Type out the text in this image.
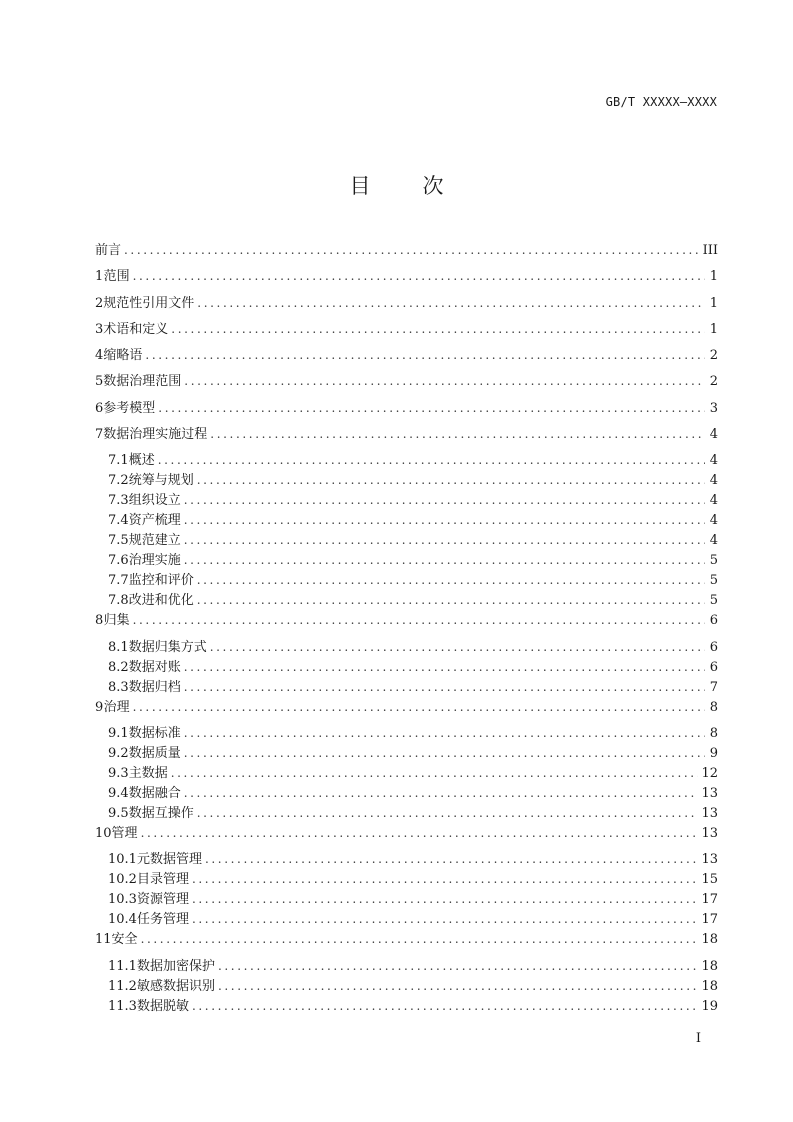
GB/T XXXXX—XXXX
目 次
前言 .....	III
1 范围 .....	1
2 规范性引用文件 .....	1
3 术语和定义 .....	1
4 缩略语 .....	2
5 数据治理范围 .....	2
6 参考模型 .....	3
7 数据治理实施过程 .....	4
7.1 概述 .....	4
7.2 统筹与规划 .....	4
7.3 组织设立 .....	4
7.4 资产梳理 .....	4
7.5 规范建立 .....	4
7.6 治理实施 .....	5
7.7 监控和评价 .....	5
7.8 改进和优化 .....	5
8 归集 .....	6
8.1 数据归集方式 .....	6
8.2 数据对账 .....	6
8.3 数据归档 .....	7
9 治理 .....	8
9.1 数据标准 .....	8
9.2 数据质量 .....	9
9.3 主数据 .....	12
9.4 数据融合 .....	13
9.5 数据互操作 .....	13
10 管理 .....	13
10.1 元数据管理 .....	13
10.2 目录管理 .....	15
10.3 资源管理 .....	17
10.4 任务管理 .....	17
11 安全 .....	18
11.1 数据加密保护 .....	18
11.2 敏感数据识别 .....	18
11.3 数据脱敏 .....	19
I
